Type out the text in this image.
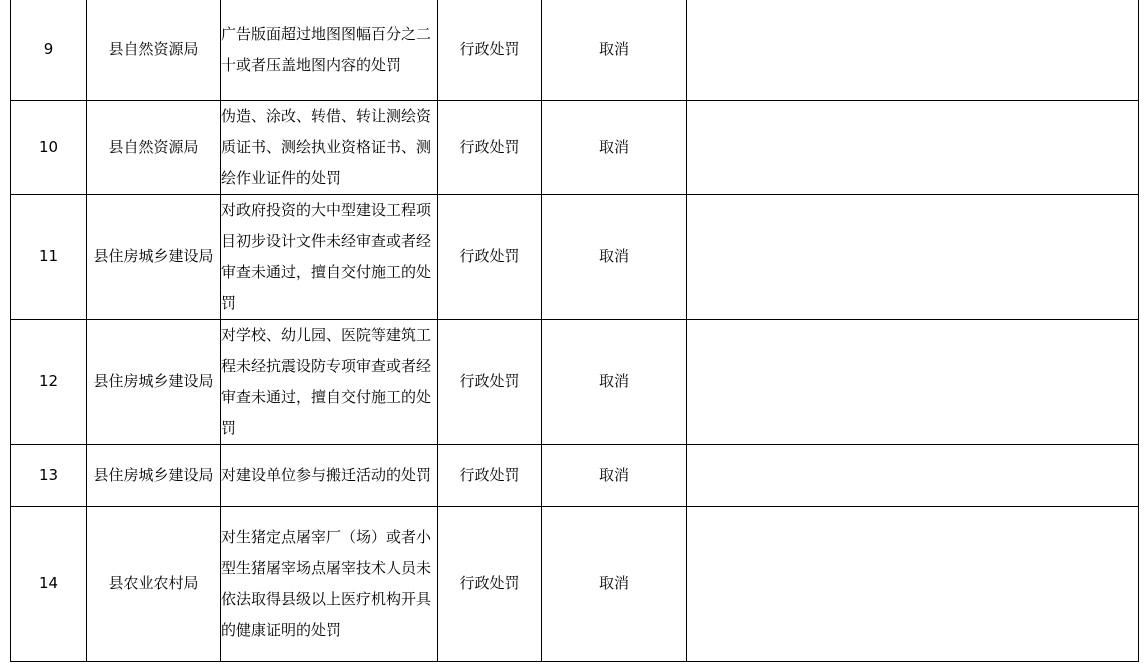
9	县自然资源局	广告版面超过地图图幅百分之二十或者压盖地图内容的处罚	行政处罚	取消	
10	县自然资源局	伪造、涂改、转借、转让测绘资质证书、测绘执业资格证书、测绘作业证件的处罚	行政处罚	取消	
11	县住房城乡建设局	对政府投资的大中型建设工程项目初步设计文件未经审查或者经审查未通过，擅自交付施工的处罚	行政处罚	取消	
12	县住房城乡建设局	对学校、幼儿园、医院等建筑工程未经抗震设防专项审查或者经审查未通过，擅自交付施工的处罚	行政处罚	取消	
13	县住房城乡建设局	对建设单位参与搬迁活动的处罚	行政处罚	取消	
14	县农业农村局	对生猪定点屠宰厂（场）或者小型生猪屠宰场点屠宰技术人员未依法取得县级以上医疗机构开具的健康证明的处罚	行政处罚	取消	
